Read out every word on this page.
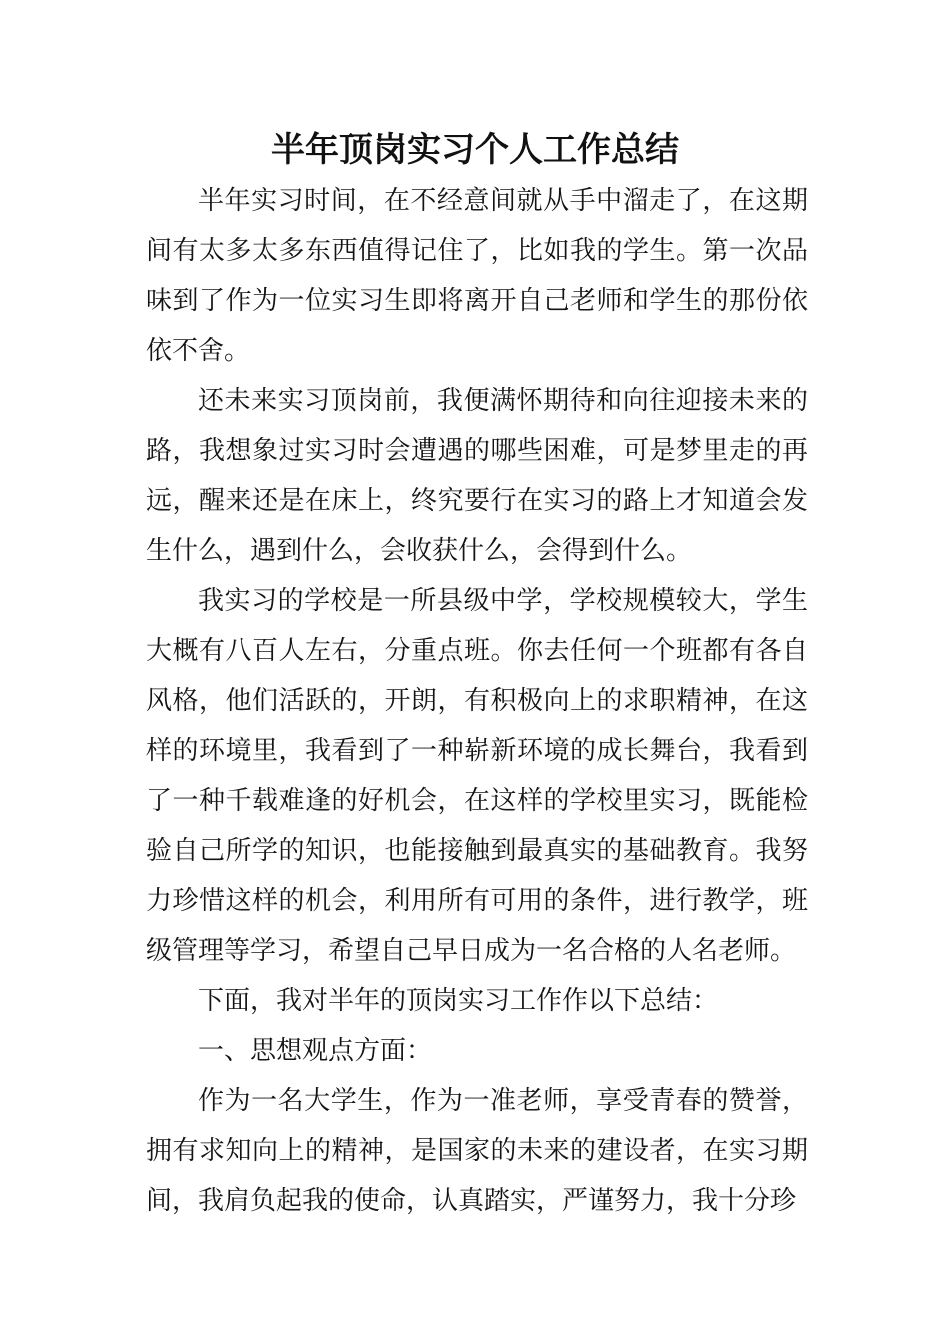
半年顶岗实习个人工作总结

半年实习时间，在不经意间就从手中溜走了，在这期间有太多太多东西值得记住了，比如我的学生。第一次品味到了作为一位实习生即将离开自己老师和学生的那份依依不舍。

还未来实习顶岗前，我便满怀期待和向往迎接未来的路，我想象过实习时会遭遇的哪些困难，可是梦里走的再远，醒来还是在床上，终究要行在实习的路上才知道会发生什么，遇到什么，会收获什么，会得到什么。

我实习的学校是一所县级中学，学校规模较大，学生大概有八百人左右，分重点班。你去任何一个班都有各自风格，他们活跃的，开朗，有积极向上的求职精神，在这样的环境里，我看到了一种崭新环境的成长舞台，我看到了一种千载难逢的好机会，在这样的学校里实习，既能检验自己所学的知识，也能接触到最真实的基础教育。我努力珍惜这样的机会，利用所有可用的条件，进行教学，班级管理等学习，希望自己早日成为一名合格的人名老师。

下面，我对半年的顶岗实习工作作以下总结：

一、思想观点方面：

作为一名大学生，作为一准老师，享受青春的赞誉，拥有求知向上的精神，是国家的未来的建设者，在实习期间，我肩负起我的使命，认真踏实，严谨努力，我十分珍
